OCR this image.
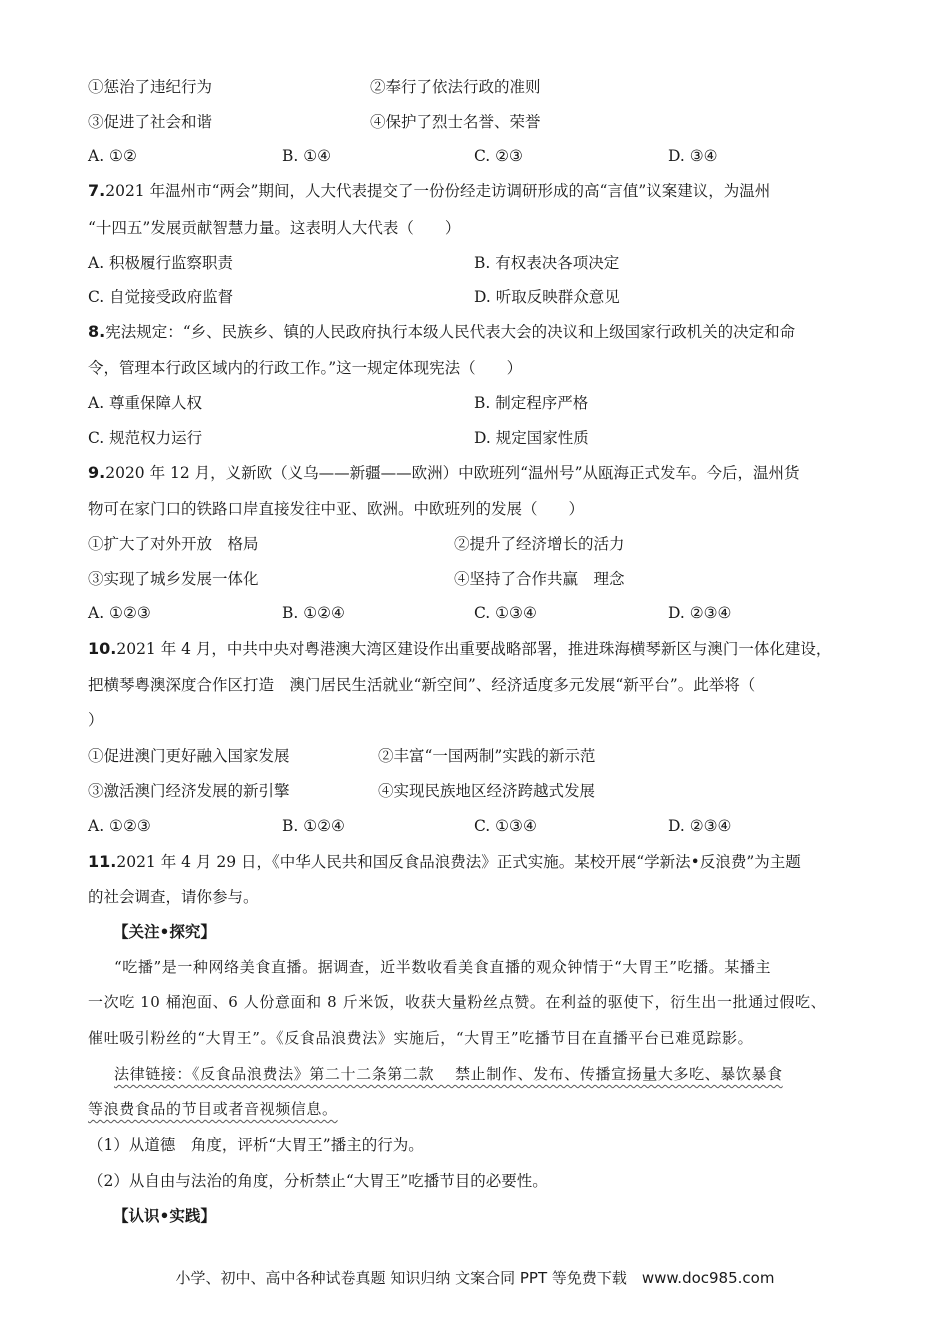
①惩治了违纪行为	②奉行了依法行政的准则
③促进了社会和谐	④保护了烈士名誉、荣誉
A. ①②	B. ①④	C. ②③	D. ③④
7.2021 年温州市“两会”期间，人大代表提交了一份份经走访调研形成的高“言值”议案建议，为温州
“十四五”发展贡献智慧力量。这表明人大代表（　　）
A. 积极履行监察职责	B. 有权表决各项决定
C. 自觉接受政府监督	D. 听取反映群众意见
8.宪法规定：“乡、民族乡、镇的人民政府执行本级人民代表大会的决议和上级国家行政机关的决定和命
令，管理本行政区域内的行政工作。”这一规定体现宪法（　　）
A. 尊重保障人权	B. 制定程序严格
C. 规范权力运行	D. 规定国家性质
9.2020 年 12 月，义新欧（义乌——新疆——欧洲）中欧班列“温州号”从瓯海正式发车。今后，温州货
物可在家门口的铁路口岸直接发往中亚、欧洲。中欧班列的发展（　　）
①扩大了对外开放　格局	②提升了经济增长的活力
③实现了城乡发展一体化	④坚持了合作共赢　理念
A. ①②③	B. ①②④	C. ①③④	D. ②③④
10.2021 年 4 月，中共中央对粤港澳大湾区建设作出重要战略部署，推进珠海横琴新区与澳门一体化建设，
把横琴粤澳深度合作区打造　澳门居民生活就业“新空间”、经济适度多元发展“新平台”。此举将（
）
①促进澳门更好融入国家发展	②丰富“一国两制”实践的新示范
③激活澳门经济发展的新引擎	④实现民族地区经济跨越式发展
A. ①②③	B. ①②④	C. ①③④	D. ②③④
11.2021 年 4 月 29 日，《中华人民共和国反食品浪费法》正式实施。某校开展“学新法•反浪费”为主题
的社会调查，请你参与。
【关注•探究】
“吃播”是一种网络美食直播。据调查，近半数收看美食直播的观众钟情于“大胃王”吃播。某播主
一次吃 10 桶泡面、6 人份意面和 8 斤米饭，收获大量粉丝点赞。在利益的驱使下，衍生出一批通过假吃、
催吐吸引粉丝的“大胃王”。《反食品浪费法》实施后，“大胃王”吃播节目在直播平台已难觅踪影。
法律链接：《反食品浪费法》第二十二条第二款　 禁止制作、发布、传播宣扬量大多吃、暴饮暴食
等浪费食品的节目或者音视频信息。
（1）从道德　角度，评析“大胃王”播主的行为。
（2）从自由与法治的角度，分析禁止“大胃王”吃播节目的必要性。
【认识•实践】
小学、初中、高中各种试卷真题 知识归纳 文案合同 PPT 等免费下载　www.doc985.com
